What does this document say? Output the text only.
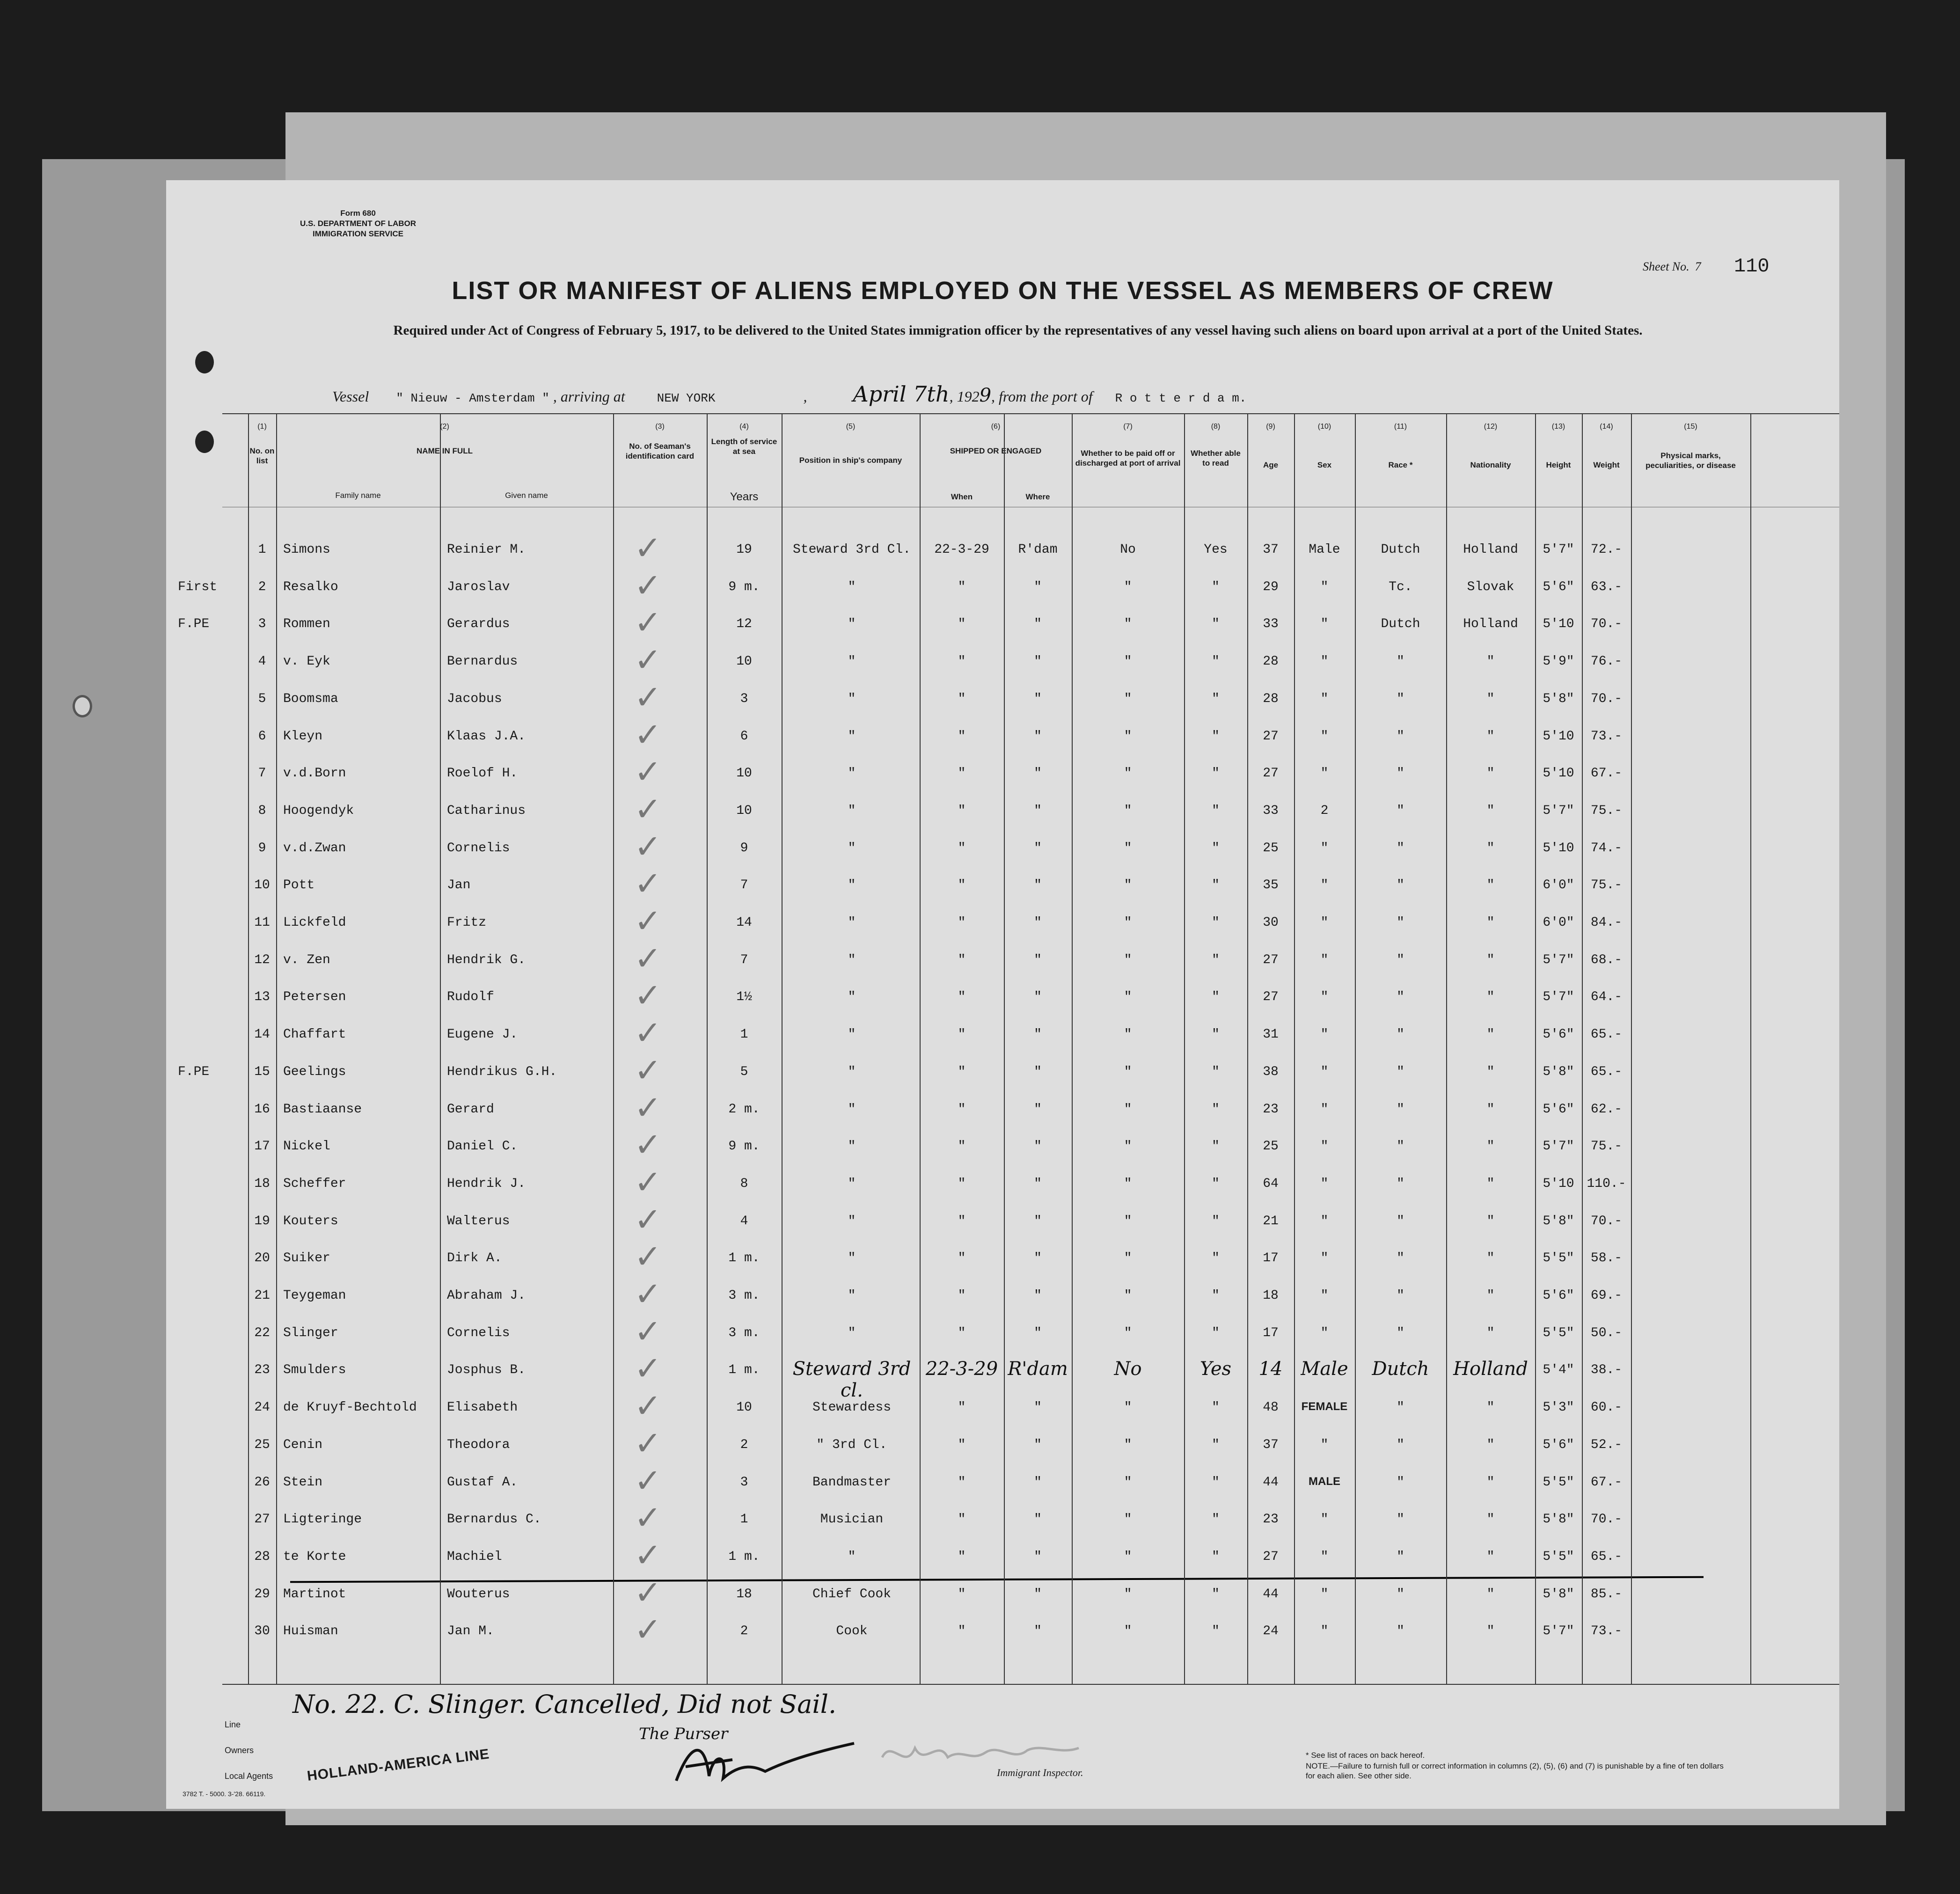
Form 680
U.S. DEPARTMENT OF LABOR
IMMIGRATION SERVICE
Sheet No. 7 110
LIST OR MANIFEST OF ALIENS EMPLOYED ON THE VESSEL AS MEMBERS OF CREW
Required under Act of Congress of February 5, 1917, to be delivered to the United States immigration officer by the representatives of any vessel having such aliens on board upon arrival at a port of the United States.
Vessel " Nieuw - Amsterdam " , arriving at	NEW YORK	, April 7th, 1929, from the port of R o t t e r d a m.
(1)
No. on list
(2)
NAME IN FULL
Family name	Given name
(3)
No. of Seaman's identification card
(4)
Length of service at sea
Years
(5)
Position in ship's company
(6)
SHIPPED OR ENGAGED
When	Where
(7)
Whether to be paid off or discharged at port of arrival
(8)
Whether able to read
(9)
Age
(10)
Sex
(11)
Race *
(12)
Nationality
(13)
Height
(14)
Weight
(15)
Physical marks, peculiarities, or disease
1	Simons	Reinier M.	19	Steward 3rd Cl.	22-3-29	R'dam	No	Yes	37	Male	Dutch	Holland	5'7"	72.-
✓
First	2	Resalko	Jaroslav	9 m.	"	"	"	"	"	29	"	Tc.	Slovak	5'6"	63.-
✓
F.PE	3	Rommen	Gerardus	12	"	"	"	"	"	33	"	Dutch	Holland	5'10	70.-
✓
4	v. Eyk	Bernardus	10	"	"	"	"	"	28	"	"	"	5'9"	76.-
✓
5	Boomsma	Jacobus	3	"	"	"	"	"	28	"	"	"	5'8"	70.-
✓
6	Kleyn	Klaas J.A.	6	"	"	"	"	"	27	"	"	"	5'10	73.-
✓
7	v.d.Born	Roelof H.	10	"	"	"	"	"	27	"	"	"	5'10	67.-
✓
8	Hoogendyk	Catharinus	10	"	"	"	"	"	33	2	"	"	5'7"	75.-
✓
9	v.d.Zwan	Cornelis	9	"	"	"	"	"	25	"	"	"	5'10	74.-
✓
10	Pott	Jan	7	"	"	"	"	"	35	"	"	"	6'0"	75.-
✓
11	Lickfeld	Fritz	14	"	"	"	"	"	30	"	"	"	6'0"	84.-
✓
12	v. Zen	Hendrik G.	7	"	"	"	"	"	27	"	"	"	5'7"	68.-
✓
13	Petersen	Rudolf	1½	"	"	"	"	"	27	"	"	"	5'7"	64.-
✓
14	Chaffart	Eugene J.	1	"	"	"	"	"	31	"	"	"	5'6"	65.-
✓
F.PE	15	Geelings	Hendrikus G.H.	5	"	"	"	"	"	38	"	"	"	5'8"	65.-
✓
16	Bastiaanse	Gerard	2 m.	"	"	"	"	"	23	"	"	"	5'6"	62.-
✓
17	Nickel	Daniel C.	9 m.	"	"	"	"	"	25	"	"	"	5'7"	75.-
✓
18	Scheffer	Hendrik J.	8	"	"	"	"	"	64	"	"	"	5'10 110.-
✓
19	Kouters	Walterus	4	"	"	"	"	"	21	"	"	"	5'8"	70.-
✓
20	Suiker	Dirk A.	1 m.	"	"	"	"	"	17	"	"	"	5'5"	58.-
✓
21	Teygeman	Abraham J.	3 m.	"	"	"	"	"	18	"	"	"	5'6"	69.-
✓
22	Slinger	Cornelis	3 m.	"	"	"	"	"	17	"	"	"	5'5"	50.-
✓
23	Smulders	Josphus B.	1 m.	Steward 3rd cl.
22-3-29 R'dam	No	Yes	14 Male	Dutch	Holland	5'4"	38.-
✓
24	de Kruyf-Bechtold	Elisabeth	10	Stewardess	"	"	"	"	48	FEMALE	"	"	5'3"	60.-
✓
25	Cenin	Theodora	2	" 3rd Cl.	"	"	"	"	37	"	"	"	5'6"	52.-
✓
26	Stein	Gustaf A.	3	Bandmaster	"	"	"	"	44	MALE	"	"	5'5"	67.-
✓
27	Ligteringe	Bernardus C.	1	Musician	"	"	"	"	23	"	"	"	5'8"	70.-
✓
28	te Korte	Machiel	1 m.	"	"	"	"	"	27	"	"	"	5'5"	65.-
✓
29	Martinot	Wouterus	18	Chief Cook	"	"	"	"	44	"	"	"	5'8"	85.-
✓
30	Huisman	Jan M.	2	Cook	"	"	"	"	24	"	"	"	5'7"	73.-
✓
No. 22. C. Slinger. Cancelled, Did not Sail.
The Purser
Line
Owners
Local Agents HOLLAND-AMERICA LINE	Immigrant Inspector.
3782 T. - 5000. 3-'28. 66119.
* See list of races on back hereof.
NOTE.—Failure to furnish full or correct information in columns (2), (5), (6) and (7) is punishable by a fine of ten dollars for each alien. See other side.
